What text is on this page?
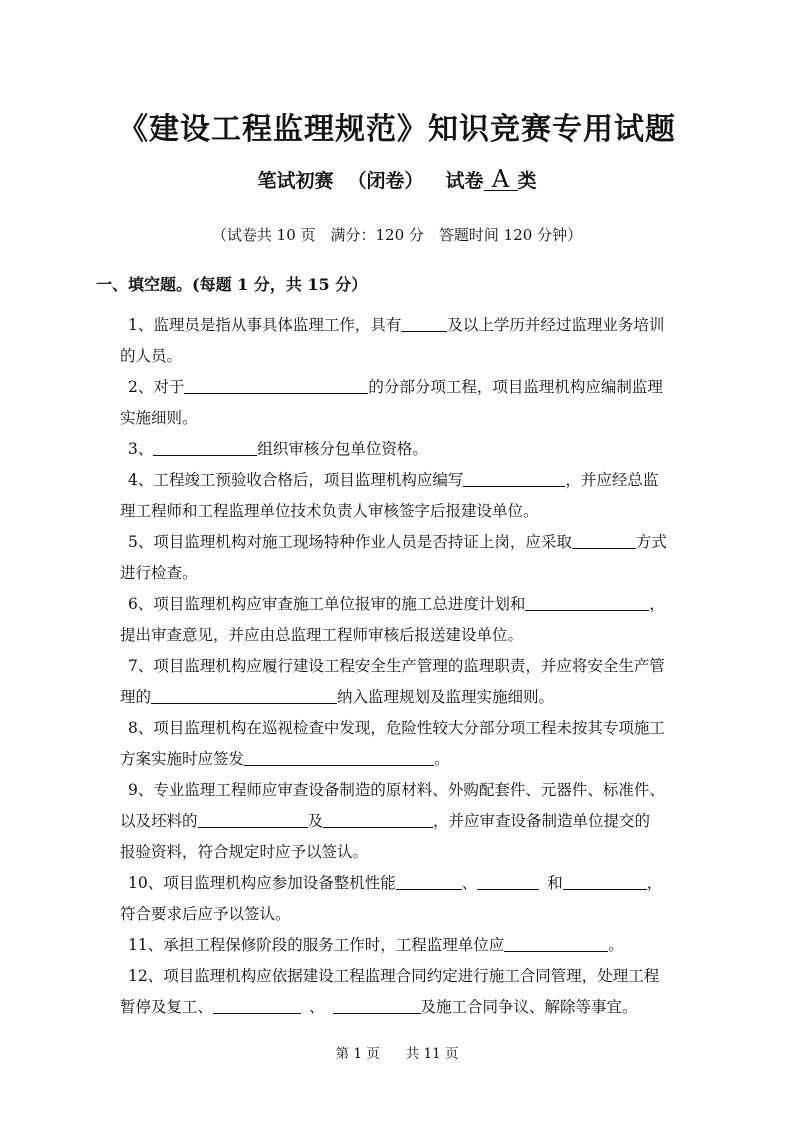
《建设工程监理规范》知识竞赛专用试题
笔试初赛 （闭卷） 试卷 A 类
（试卷共 10 页　满分：120 分　答题时间 120 分钟）
一、填空题。(每题 1 分，共 15 分）
1、监理员是指从事具体监理工作，具有	及以上学历并经过监理业务培训
的人员。
2、对于	的分部分项工程，项目监理机构应编制监理
实施细则。
3、	组织审核分包单位资格。
4、工程竣工预验收合格后，项目监理机构应编写	，并应经总监
理工程师和工程监理单位技术负责人审核签字后报建设单位。
5、项目监理机构对施工现场特种作业人员是否持证上岗，应采取	方式
进行检查。
6、项目监理机构应审查施工单位报审的施工总进度计划和	，
提出审查意见，并应由总监理工程师审核后报送建设单位。
7、项目监理机构应履行建设工程安全生产管理的监理职责，并应将安全生产管
理的	纳入监理规划及监理实施细则。
8、项目监理机构在巡视检查中发现，危险性较大分部分项工程未按其专项施工
方案实施时应签发	。
9、专业监理工程师应审查设备制造的原材料、外购配套件、元器件、标准件、
以及坯料的	及	，并应审查设备制造单位提交的
报验资料，符合规定时应予以签认。
10、项目监理机构应参加设备整机性能	、	和	，
符合要求后应予以签认。
11、承担工程保修阶段的服务工作时，工程监理单位应	。
12、项目监理机构应依据建设工程监理合同约定进行施工合同管理，处理工程
暂停及复工、	、	及施工合同争议、解除等事宜。
第 1 页 共 11 页
